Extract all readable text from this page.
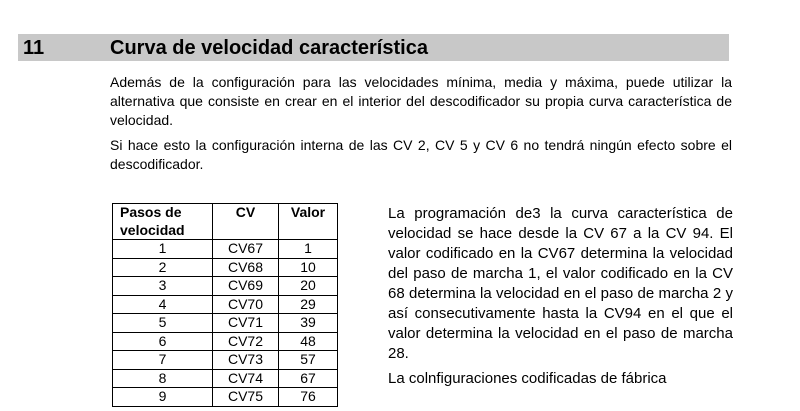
11	Curva de velocidad característica

Además de la configuración para las velocidades mínima, media y máxima, puede utilizar la alternativa que consiste en crear en el interior del descodificador su propia curva característica de velocidad.

Si hace esto la configuración interna de las CV 2, CV 5 y CV 6 no tendrá ningún efecto sobre el descodificador.

Pasos de velocidad	CV	Valor
1	CV67	1
2	CV68	10
3	CV69	20
4	CV70	29
5	CV71	39
6	CV72	48
7	CV73	57
8	CV74	67
9	CV75	76

La programación de3 la curva característica de velocidad se hace desde la CV 67 a la CV 94. El valor codificado en la CV67 determina la velocidad del paso de marcha 1, el valor codificado en la CV 68 determina la velocidad en el paso de marcha 2 y así consecutivamente hasta la CV94 en el que el valor determina la velocidad en el paso de marcha 28.

La colnfiguraciones codificadas de fábrica
